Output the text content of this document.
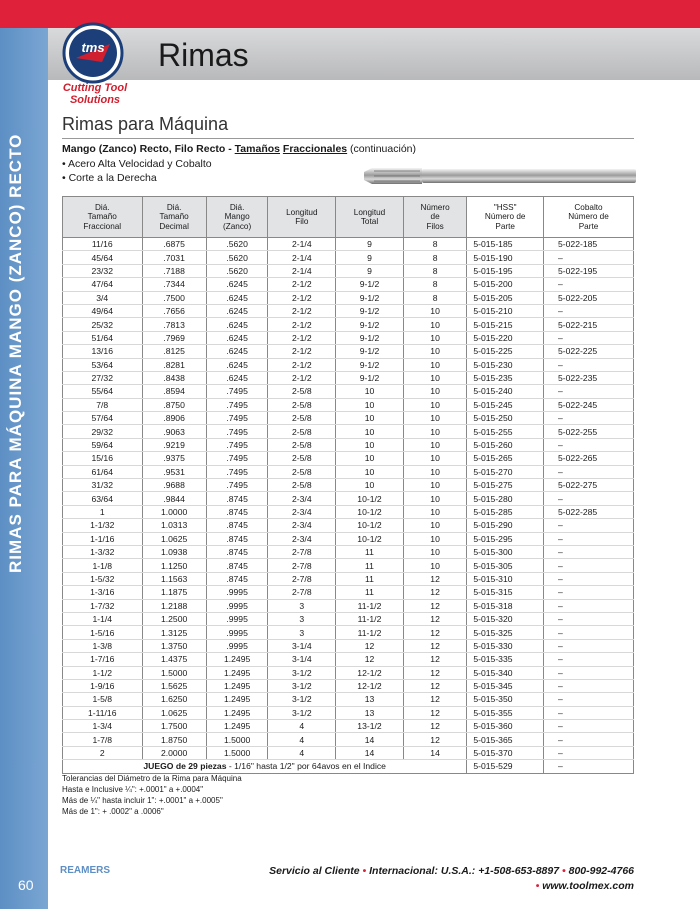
RIMAS PARA MÁQUINA MANGO (ZANCO) RECTO
tms
Cutting Tool
Solutions
Rimas
Rimas para Máquina
Mango (Zanco) Recto, Filo Recto - Tamaños Fraccionales (continuación)
• Acero Alta Velocidad y Cobalto
• Corte a la Derecha
Diá.
Tamaño
Fraccional	Diá.
Tamaño
Decimal	Diá.
Mango
(Zanco)	Longitud
Filo	Longitud
Total	Número
de
Filos	"HSS"
Número de
Parte	Cobalto
Número de
Parte
11/16	.6875	.5620	2-1/4	9	8	5-015-185	5-022-185
45/64	.7031	.5620	2-1/4	9	8	5-015-190	–
23/32	.7188	.5620	2-1/4	9	8	5-015-195	5-022-195
47/64	.7344	.6245	2-1/2	9-1/2	8	5-015-200	–
3/4	.7500	.6245	2-1/2	9-1/2	8	5-015-205	5-022-205
49/64	.7656	.6245	2-1/2	9-1/2	10	5-015-210	–
25/32	.7813	.6245	2-1/2	9-1/2	10	5-015-215	5-022-215
51/64	.7969	.6245	2-1/2	9-1/2	10	5-015-220	–
13/16	.8125	.6245	2-1/2	9-1/2	10	5-015-225	5-022-225
53/64	.8281	.6245	2-1/2	9-1/2	10	5-015-230	–
27/32	.8438	.6245	2-1/2	9-1/2	10	5-015-235	5-022-235
55/64	.8594	.7495	2-5/8	10	10	5-015-240	–
7/8	.8750	.7495	2-5/8	10	10	5-015-245	5-022-245
57/64	.8906	.7495	2-5/8	10	10	5-015-250	–
29/32	.9063	.7495	2-5/8	10	10	5-015-255	5-022-255
59/64	.9219	.7495	2-5/8	10	10	5-015-260	–
15/16	.9375	.7495	2-5/8	10	10	5-015-265	5-022-265
61/64	.9531	.7495	2-5/8	10	10	5-015-270	–
31/32	.9688	.7495	2-5/8	10	10	5-015-275	5-022-275
63/64	.9844	.8745	2-3/4	10-1/2	10	5-015-280	–
1	1.0000	.8745	2-3/4	10-1/2	10	5-015-285	5-022-285
1-1/32	1.0313	.8745	2-3/4	10-1/2	10	5-015-290	–
1-1/16	1.0625	.8745	2-3/4	10-1/2	10	5-015-295	–
1-3/32	1.0938	.8745	2-7/8	11	10	5-015-300	–
1-1/8	1.1250	.8745	2-7/8	11	10	5-015-305	–
1-5/32	1.1563	.8745	2-7/8	11	12	5-015-310	–
1-3/16	1.1875	.9995	2-7/8	11	12	5-015-315	–
1-7/32	1.2188	.9995	3	11-1/2	12	5-015-318	–
1-1/4	1.2500	.9995	3	11-1/2	12	5-015-320	–
1-5/16	1.3125	.9995	3	11-1/2	12	5-015-325	–
1-3/8	1.3750	.9995	3-1/4	12	12	5-015-330	–
1-7/16	1.4375	1.2495	3-1/4	12	12	5-015-335	–
1-1/2	1.5000	1.2495	3-1/2	12-1/2	12	5-015-340	–
1-9/16	1.5625	1.2495	3-1/2	12-1/2	12	5-015-345	–
1-5/8	1.6250	1.2495	3-1/2	13	12	5-015-350	–
1-11/16	1.0625	1.2495	3-1/2	13	12	5-015-355	–
1-3/4	1.7500	1.2495	4	13-1/2	12	5-015-360	–
1-7/8	1.8750	1.5000	4	14	12	5-015-365	–
2	2.0000	1.5000	4	14	14	5-015-370	–
JUEGO de 29 piezas - 1/16" hasta 1/2" por 64avos en el Indice						5-015-529	–
Tolerancias del Diámetro de la Rima para Máquina
Hasta e Inclusive ¼": +.0001" a +.0004"
Más de ¼" hasta incluir 1": +.0001" a +.0005"
Más de 1": + .0002" a .0006"
REAMERS
60
Servicio al Cliente • Internacional: U.S.A.: +1-508-653-8897 • 800-992-4766
• www.toolmex.com
